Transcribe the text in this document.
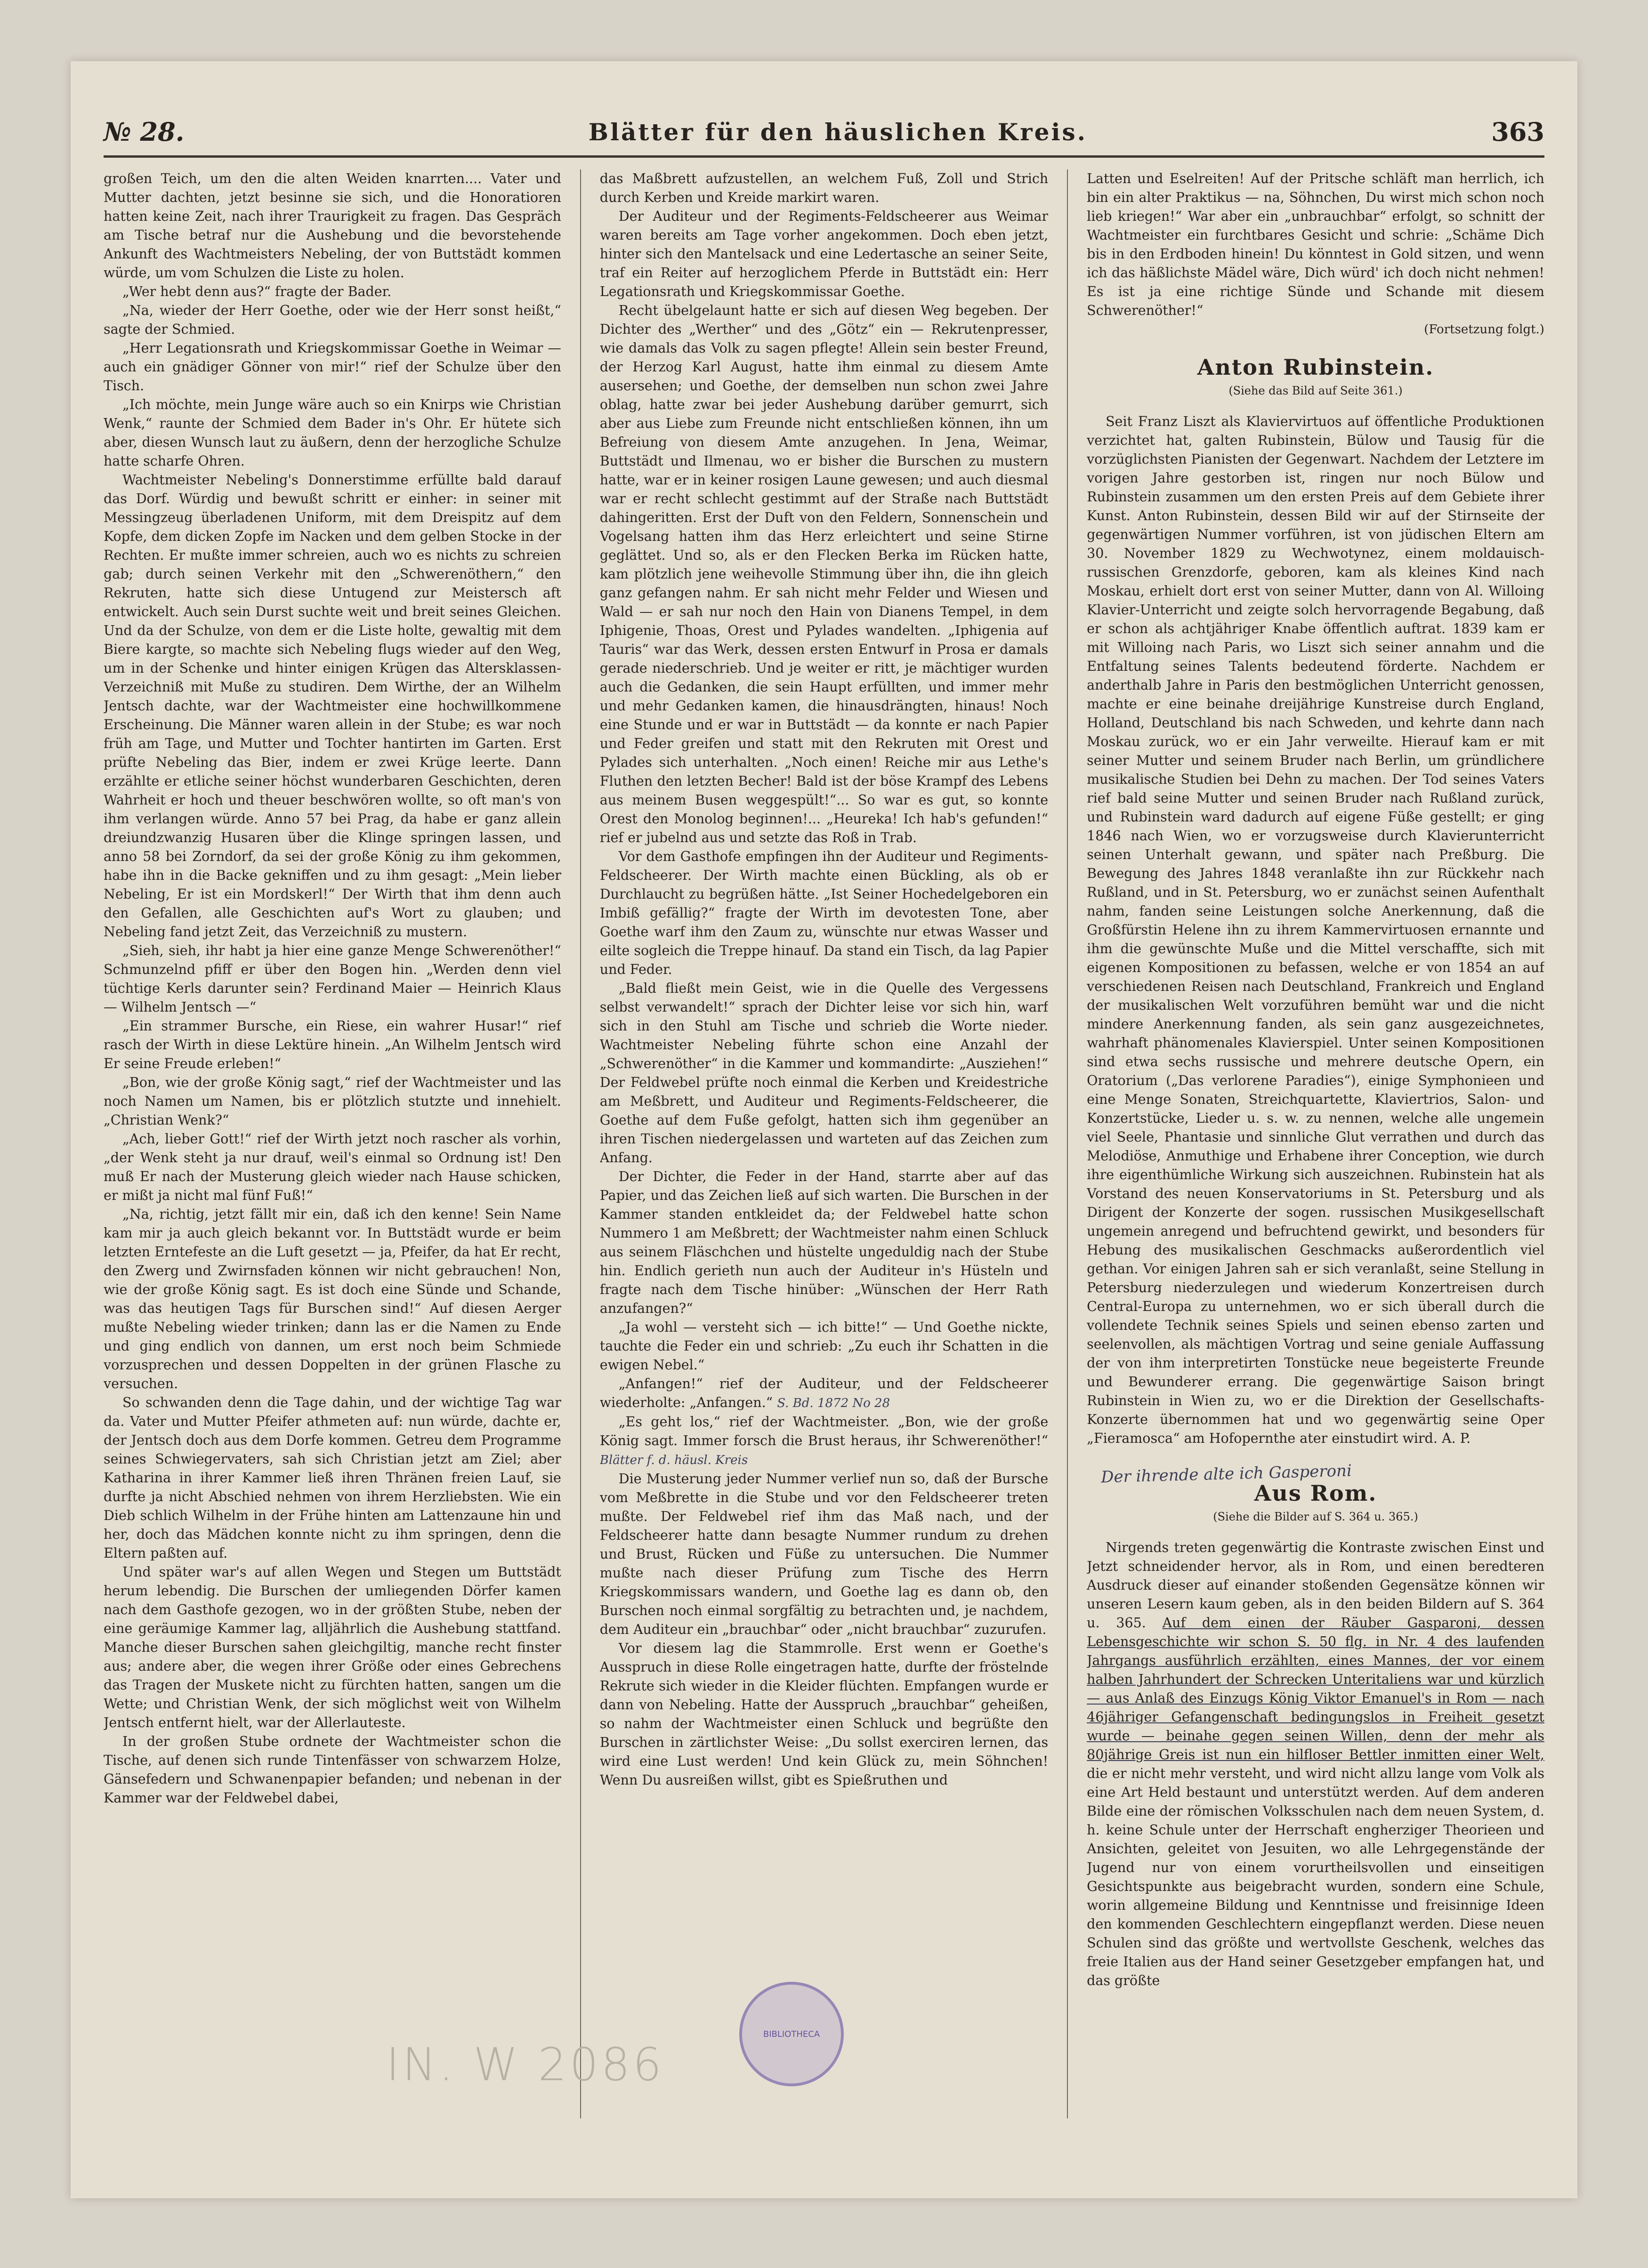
№ 28.	Blätter für den häuslichen Kreis.	363

großen Teich, um den die alten Weiden knarrten.... Vater und Mutter dachten, jetzt besinne sie sich, und die Honoratioren hatten keine Zeit, nach ihrer Traurigkeit zu fragen. Das Gespräch am Tische betraf nur die Aushebung und die bevorstehende Ankunft des Wachtmeisters Nebeling, der von Buttstädt kommen würde, um vom Schulzen die Liste zu holen.

„Wer hebt denn aus?“ fragte der Bader.

„Na, wieder der Herr Goethe, oder wie der Herr sonst heißt,“ sagte der Schmied.

„Herr Legationsrath und Kriegskommissar Goethe in Weimar — auch ein gnädiger Gönner von mir!“ rief der Schulze über den Tisch.

„Ich möchte, mein Junge wäre auch so ein Knirps wie Christian Wenk,“ raunte der Schmied dem Bader in's Ohr. Er hütete sich aber, diesen Wunsch laut zu äußern, denn der herzogliche Schulze hatte scharfe Ohren.

Wachtmeister Nebeling's Donnerstimme erfüllte bald darauf das Dorf. Würdig und bewußt schritt er einher: in seiner mit Messingzeug überladenen Uniform, mit dem Dreispitz auf dem Kopfe, dem dicken Zopfe im Nacken und dem gelben Stocke in der Rechten. Er mußte immer schreien, auch wo es nichts zu schreien gab; durch seinen Verkehr mit den „Schwerenöthern,“ den Rekruten, hatte sich diese Untugend zur Meistersch aft entwickelt. Auch sein Durst suchte weit und breit seines Gleichen. Und da der Schulze, von dem er die Liste holte, gewaltig mit dem Biere kargte, so machte sich Nebeling flugs wieder auf den Weg, um in der Schenke und hinter einigen Krügen das Altersklassen-Verzeichniß mit Muße zu studiren. Dem Wirthe, der an Wilhelm Jentsch dachte, war der Wachtmeister eine hochwillkommene Erscheinung. Die Männer waren allein in der Stube; es war noch früh am Tage, und Mutter und Tochter hantirten im Garten. Erst prüfte Nebeling das Bier, indem er zwei Krüge leerte. Dann erzählte er etliche seiner höchst wunderbaren Geschichten, deren Wahrheit er hoch und theuer beschwören wollte, so oft man's von ihm verlangen würde. Anno 57 bei Prag, da habe er ganz allein dreiundzwanzig Husaren über die Klinge springen lassen, und anno 58 bei Zorndorf, da sei der große König zu ihm gekommen, habe ihn in die Backe gekniffen und zu ihm gesagt: „Mein lieber Nebeling, Er ist ein Mordskerl!“ Der Wirth that ihm denn auch den Gefallen, alle Geschichten auf's Wort zu glauben; und Nebeling fand jetzt Zeit, das Verzeichniß zu mustern.

„Sieh, sieh, ihr habt ja hier eine ganze Menge Schwerenöther!“ Schmunzelnd pfiff er über den Bogen hin. „Werden denn viel tüchtige Kerls darunter sein? Ferdinand Maier — Heinrich Klaus — Wilhelm Jentsch —“

„Ein strammer Bursche, ein Riese, ein wahrer Husar!“ rief rasch der Wirth in diese Lektüre hinein. „An Wilhelm Jentsch wird Er seine Freude erleben!“

„Bon, wie der große König sagt,“ rief der Wachtmeister und las noch Namen um Namen, bis er plötzlich stutzte und innehielt. „Christian Wenk?“

„Ach, lieber Gott!“ rief der Wirth jetzt noch rascher als vorhin, „der Wenk steht ja nur drauf, weil's einmal so Ordnung ist! Den muß Er nach der Musterung gleich wieder nach Hause schicken, er mißt ja nicht mal fünf Fuß!“

„Na, richtig, jetzt fällt mir ein, daß ich den kenne! Sein Name kam mir ja auch gleich bekannt vor. In Buttstädt wurde er beim letzten Erntefeste an die Luft gesetzt — ja, Pfeifer, da hat Er recht, den Zwerg und Zwirnsfaden können wir nicht gebrauchen! Non, wie der große König sagt. Es ist doch eine Sünde und Schande, was das heutigen Tags für Burschen sind!“ Auf diesen Aerger mußte Nebeling wieder trinken; dann las er die Namen zu Ende und ging endlich von dannen, um erst noch beim Schmiede vorzusprechen und dessen Doppelten in der grünen Flasche zu versuchen.

So schwanden denn die Tage dahin, und der wichtige Tag war da. Vater und Mutter Pfeifer athmeten auf: nun würde, dachte er, der Jentsch doch aus dem Dorfe kommen. Getreu dem Programme seines Schwiegervaters, sah sich Christian jetzt am Ziel; aber Katharina in ihrer Kammer ließ ihren Thränen freien Lauf, sie durfte ja nicht Abschied nehmen von ihrem Herzliebsten. Wie ein Dieb schlich Wilhelm in der Frühe hinten am Lattenzaune hin und her, doch das Mädchen konnte nicht zu ihm springen, denn die Eltern paßten auf.

Und später war's auf allen Wegen und Stegen um Buttstädt herum lebendig. Die Burschen der umliegenden Dörfer kamen nach dem Gasthofe gezogen, wo in der größten Stube, neben der eine geräumige Kammer lag, alljährlich die Aushebung stattfand. Manche dieser Burschen sahen gleichgiltig, manche recht finster aus; andere aber, die wegen ihrer Größe oder eines Gebrechens das Tragen der Muskete nicht zu fürchten hatten, sangen um die Wette; und Christian Wenk, der sich möglichst weit von Wilhelm Jentsch entfernt hielt, war der Allerlauteste.

In der großen Stube ordnete der Wachtmeister schon die Tische, auf denen sich runde Tintenfässer von schwarzem Holze, Gänsefedern und Schwanenpapier befanden; und nebenan in der Kammer war der Feldwebel dabei,

das Maßbrett aufzustellen, an welchem Fuß, Zoll und Strich durch Kerben und Kreide markirt waren.

Der Auditeur und der Regiments-Feldscheerer aus Weimar waren bereits am Tage vorher angekommen. Doch eben jetzt, hinter sich den Mantelsack und eine Ledertasche an seiner Seite, traf ein Reiter auf herzoglichem Pferde in Buttstädt ein: Herr Legationsrath und Kriegskommissar Goethe.

Recht übelgelaunt hatte er sich auf diesen Weg begeben. Der Dichter des „Werther“ und des „Götz“ ein — Rekrutenpresser, wie damals das Volk zu sagen pflegte! Allein sein bester Freund, der Herzog Karl August, hatte ihm einmal zu diesem Amte ausersehen; und Goethe, der demselben nun schon zwei Jahre oblag, hatte zwar bei jeder Aushebung darüber gemurrt, sich aber aus Liebe zum Freunde nicht entschließen können, ihn um Befreiung von diesem Amte anzugehen. In Jena, Weimar, Buttstädt und Ilmenau, wo er bisher die Burschen zu mustern hatte, war er in keiner rosigen Laune gewesen; und auch diesmal war er recht schlecht gestimmt auf der Straße nach Buttstädt dahingeritten. Erst der Duft von den Feldern, Sonnenschein und Vogelsang hatten ihm das Herz erleichtert und seine Stirne geglättet. Und so, als er den Flecken Berka im Rücken hatte, kam plötzlich jene weihevolle Stimmung über ihn, die ihn gleich ganz gefangen nahm. Er sah nicht mehr Felder und Wiesen und Wald — er sah nur noch den Hain von Dianens Tempel, in dem Iphigenie, Thoas, Orest und Pylades wandelten. „Iphigenia auf Tauris“ war das Werk, dessen ersten Entwurf in Prosa er damals gerade niederschrieb. Und je weiter er ritt, je mächtiger wurden auch die Gedanken, die sein Haupt erfüllten, und immer mehr und mehr Gedanken kamen, die hinausdrängten, hinaus! Noch eine Stunde und er war in Buttstädt — da konnte er nach Papier und Feder greifen und statt mit den Rekruten mit Orest und Pylades sich unterhalten. „Noch einen! Reiche mir aus Lethe's Fluthen den letzten Becher! Bald ist der böse Krampf des Lebens aus meinem Busen weggespült!“... So war es gut, so konnte Orest den Monolog beginnen!... „Heureka! Ich hab's gefunden!“ rief er jubelnd aus und setzte das Roß in Trab.

Vor dem Gasthofe empfingen ihn der Auditeur und Regiments-Feldscheerer. Der Wirth machte einen Bückling, als ob er Durchlaucht zu begrüßen hätte. „Ist Seiner Hochedelgeboren ein Imbiß gefällig?“ fragte der Wirth im devotesten Tone, aber Goethe warf ihm den Zaum zu, wünschte nur etwas Wasser und eilte sogleich die Treppe hinauf. Da stand ein Tisch, da lag Papier und Feder.

„Bald fließt mein Geist, wie in die Quelle des Vergessens selbst verwandelt!“ sprach der Dichter leise vor sich hin, warf sich in den Stuhl am Tische und schrieb die Worte nieder. Wachtmeister Nebeling führte schon eine Anzahl der „Schwerenöther“ in die Kammer und kommandirte: „Ausziehen!“ Der Feldwebel prüfte noch einmal die Kerben und Kreidestriche am Meßbrett, und Auditeur und Regiments-Feldscheerer, die Goethe auf dem Fuße gefolgt, hatten sich ihm gegenüber an ihren Tischen niedergelassen und warteten auf das Zeichen zum Anfang.

Der Dichter, die Feder in der Hand, starrte aber auf das Papier, und das Zeichen ließ auf sich warten. Die Burschen in der Kammer standen entkleidet da; der Feldwebel hatte schon Nummero 1 am Meßbrett; der Wachtmeister nahm einen Schluck aus seinem Fläschchen und hüstelte ungeduldig nach der Stube hin. Endlich gerieth nun auch der Auditeur in's Hüsteln und fragte nach dem Tische hinüber: „Wünschen der Herr Rath anzufangen?“

„Ja wohl — versteht sich — ich bitte!“ — Und Goethe nickte, tauchte die Feder ein und schrieb: „Zu euch ihr Schatten in die ewigen Nebel.“

„Anfangen!“ rief der Auditeur, und der Feldscheerer wiederholte: „Anfangen.“ S. Bd. 1872 No 28

„Es geht los,“ rief der Wachtmeister. „Bon, wie der große König sagt. Immer forsch die Brust heraus, ihr Schwerenöther!“ Blätter f. d. häusl. Kreis

Die Musterung jeder Nummer verlief nun so, daß der Bursche vom Meßbrette in die Stube und vor den Feldscheerer treten mußte. Der Feldwebel rief ihm das Maß nach, und der Feldscheerer hatte dann besagte Nummer rundum zu drehen und Brust, Rücken und Füße zu untersuchen. Die Nummer mußte nach dieser Prüfung zum Tische des Herrn Kriegskommissars wandern, und Goethe lag es dann ob, den Burschen noch einmal sorgfältig zu betrachten und, je nachdem, dem Auditeur ein „brauchbar“ oder „nicht brauchbar“ zuzurufen.

Vor diesem lag die Stammrolle. Erst wenn er Goethe's Ausspruch in diese Rolle eingetragen hatte, durfte der fröstelnde Rekrute sich wieder in die Kleider flüchten. Empfangen wurde er dann von Nebeling. Hatte der Ausspruch „brauchbar“ geheißen, so nahm der Wachtmeister einen Schluck und begrüßte den Burschen in zärtlichster Weise: „Du sollst exerciren lernen, das wird eine Lust werden! Und kein Glück zu, mein Söhnchen! Wenn Du ausreißen willst, gibt es Spießruthen und

Latten und Eselreiten! Auf der Pritsche schläft man herrlich, ich bin ein alter Praktikus — na, Söhnchen, Du wirst mich schon noch lieb kriegen!“ War aber ein „unbrauchbar“ erfolgt, so schnitt der Wachtmeister ein furchtbares Gesicht und schrie: „Schäme Dich bis in den Erdboden hinein! Du könntest in Gold sitzen, und wenn ich das häßlichste Mädel wäre, Dich würd' ich doch nicht nehmen! Es ist ja eine richtige Sünde und Schande mit diesem Schwerenöther!“

(Fortsetzung folgt.)

Anton Rubinstein.
(Siehe das Bild auf Seite 361.)

Seit Franz Liszt als Klaviervirtuos auf öffentliche Produktionen verzichtet hat, galten Rubinstein, Bülow und Tausig für die vorzüglichsten Pianisten der Gegenwart. Nachdem der Letztere im vorigen Jahre gestorben ist, ringen nur noch Bülow und Rubinstein zusammen um den ersten Preis auf dem Gebiete ihrer Kunst. Anton Rubinstein, dessen Bild wir auf der Stirnseite der gegenwärtigen Nummer vorführen, ist von jüdischen Eltern am 30. November 1829 zu Wechwotynez, einem moldauisch-russischen Grenzdorfe, geboren, kam als kleines Kind nach Moskau, erhielt dort erst von seiner Mutter, dann von Al. Willoing Klavier-Unterricht und zeigte solch hervorragende Begabung, daß er schon als achtjähriger Knabe öffentlich auftrat. 1839 kam er mit Willoing nach Paris, wo Liszt sich seiner annahm und die Entfaltung seines Talents bedeutend förderte. Nachdem er anderthalb Jahre in Paris den bestmöglichen Unterricht genossen, machte er eine beinahe dreijährige Kunstreise durch England, Holland, Deutschland bis nach Schweden, und kehrte dann nach Moskau zurück, wo er ein Jahr verweilte. Hierauf kam er mit seiner Mutter und seinem Bruder nach Berlin, um gründlichere musikalische Studien bei Dehn zu machen. Der Tod seines Vaters rief bald seine Mutter und seinen Bruder nach Rußland zurück, und Rubinstein ward dadurch auf eigene Füße gestellt; er ging 1846 nach Wien, wo er vorzugsweise durch Klavierunterricht seinen Unterhalt gewann, und später nach Preßburg. Die Bewegung des Jahres 1848 veranlaßte ihn zur Rückkehr nach Rußland, und in St. Petersburg, wo er zunächst seinen Aufenthalt nahm, fanden seine Leistungen solche Anerkennung, daß die Großfürstin Helene ihn zu ihrem Kammervirtuosen ernannte und ihm die gewünschte Muße und die Mittel verschaffte, sich mit eigenen Kompositionen zu befassen, welche er von 1854 an auf verschiedenen Reisen nach Deutschland, Frankreich und England der musikalischen Welt vorzuführen bemüht war und die nicht mindere Anerkennung fanden, als sein ganz ausgezeichnetes, wahrhaft phänomenales Klavierspiel. Unter seinen Kompositionen sind etwa sechs russische und mehrere deutsche Opern, ein Oratorium („Das verlorene Paradies“), einige Symphonieen und eine Menge Sonaten, Streichquartette, Klaviertrios, Salon- und Konzertstücke, Lieder u. s. w. zu nennen, welche alle ungemein viel Seele, Phantasie und sinnliche Glut verrathen und durch das Melodiöse, Anmuthige und Erhabene ihrer Conception, wie durch ihre eigenthümliche Wirkung sich auszeichnen. Rubinstein hat als Vorstand des neuen Konservatoriums in St. Petersburg und als Dirigent der Konzerte der sogen. russischen Musikgesellschaft ungemein anregend und befruchtend gewirkt, und besonders für Hebung des musikalischen Geschmacks außerordentlich viel gethan. Vor einigen Jahren sah er sich veranlaßt, seine Stellung in Petersburg niederzulegen und wiederum Konzertreisen durch Central-Europa zu unternehmen, wo er sich überall durch die vollendete Technik seines Spiels und seinen ebenso zarten und seelenvollen, als mächtigen Vortrag und seine geniale Auffassung der von ihm interpretirten Tonstücke neue begeisterte Freunde und Bewunderer errang. Die gegenwärtige Saison bringt Rubinstein in Wien zu, wo er die Direktion der Gesellschafts-Konzerte übernommen hat und wo gegenwärtig seine Oper „Fieramosca“ am Hofopernthe ater einstudirt wird. A. P.

Der ihrende alte ich Gasperoni
Aus Rom.
(Siehe die Bilder auf S. 364 u. 365.)

Nirgends treten gegenwärtig die Kontraste zwischen Einst und Jetzt schneidender hervor, als in Rom, und einen beredteren Ausdruck dieser auf einander stoßenden Gegensätze können wir unseren Lesern kaum geben, als in den beiden Bildern auf S. 364 u. 365. Auf dem einen der Räuber Gasparoni, dessen Lebensgeschichte wir schon S. 50 flg. in Nr. 4 des laufenden Jahrgangs ausführlich erzählten, eines Mannes, der vor einem halben Jahrhundert der Schrecken Unteritaliens war und kürzlich — aus Anlaß des Einzugs König Viktor Emanuel's in Rom — nach 46jähriger Gefangenschaft bedingungslos in Freiheit gesetzt wurde — beinahe gegen seinen Willen, denn der mehr als 80jährige Greis ist nun ein hilfloser Bettler inmitten einer Welt, die er nicht mehr versteht, und wird nicht allzu lange vom Volk als eine Art Held bestaunt und unterstützt werden. Auf dem anderen Bilde eine der römischen Volksschulen nach dem neuen System, d. h. keine Schule unter der Herrschaft engherziger Theorieen und Ansichten, geleitet von Jesuiten, wo alle Lehrgegenstände der Jugend nur von einem vorurtheilsvollen und einseitigen Gesichtspunkte aus beigebracht wurden, sondern eine Schule, worin allgemeine Bildung und Kenntnisse und freisinnige Ideen den kommenden Geschlechtern eingepflanzt werden. Diese neuen Schulen sind das größte und wertvollste Geschenk, welches das freie Italien aus der Hand seiner Gesetzgeber empfangen hat, und das größte

BIBLIOTHECA
IN. W 2086
